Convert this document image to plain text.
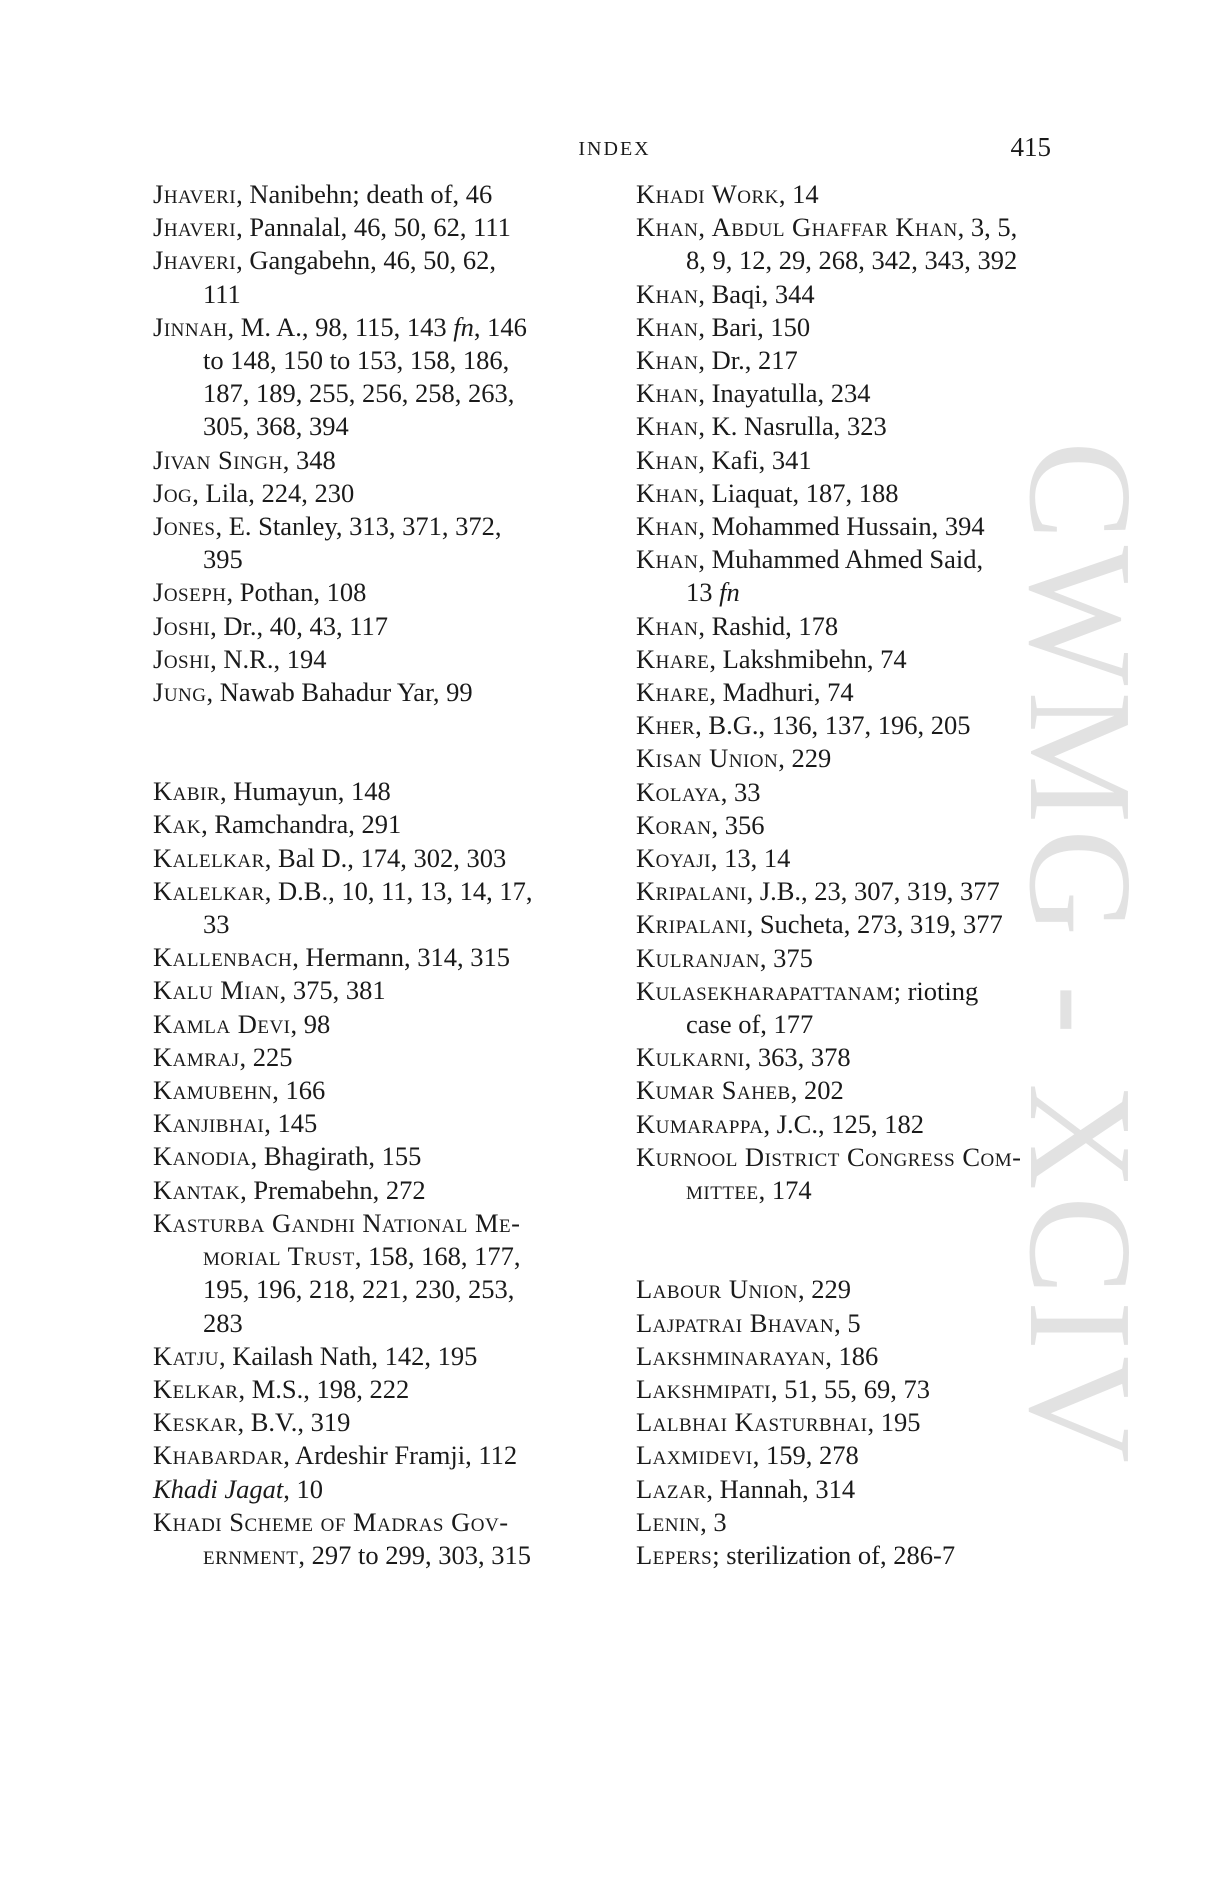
CWMG - XCIV
INDEX	415
Jhaveri, Nanibehn; death of, 46
Jhaveri, Pannalal, 46, 50, 62, 111
Jhaveri, Gangabehn, 46, 50, 62,
111
Jinnah, M. A., 98, 115, 143 fn, 146
to 148, 150 to 153, 158, 186,
187, 189, 255, 256, 258, 263,
305, 368, 394
Jivan Singh, 348
Jog, Lila, 224, 230
Jones, E. Stanley, 313, 371, 372,
395
Joseph, Pothan, 108
Joshi, Dr., 40, 43, 117
Joshi, N.R., 194
Jung, Nawab Bahadur Yar, 99
Kabir, Humayun, 148
Kak, Ramchandra, 291
Kalelkar, Bal D., 174, 302, 303
Kalelkar, D.B., 10, 11, 13, 14, 17,
33
Kallenbach, Hermann, 314, 315
Kalu Mian, 375, 381
Kamla Devi, 98
Kamraj, 225
Kamubehn, 166
Kanjibhai, 145
Kanodia, Bhagirath, 155
Kantak, Premabehn, 272
Kasturba Gandhi National Me-
morial Trust, 158, 168, 177,
195, 196, 218, 221, 230, 253,
283
Katju, Kailash Nath, 142, 195
Kelkar, M.S., 198, 222
Keskar, B.V., 319
Khabardar, Ardeshir Framji, 112
Khadi Jagat, 10
Khadi Scheme of Madras Gov-
ernment, 297 to 299, 303, 315
Khadi Work, 14
Khan, Abdul Ghaffar Khan, 3, 5,
8, 9, 12, 29, 268, 342, 343, 392
Khan, Baqi, 344
Khan, Bari, 150
Khan, Dr., 217
Khan, Inayatulla, 234
Khan, K. Nasrulla, 323
Khan, Kafi, 341
Khan, Liaquat, 187, 188
Khan, Mohammed Hussain, 394
Khan, Muhammed Ahmed Said,
13 fn
Khan, Rashid, 178
Khare, Lakshmibehn, 74
Khare, Madhuri, 74
Kher, B.G., 136, 137, 196, 205
Kisan Union, 229
Kolaya, 33
Koran, 356
Koyaji, 13, 14
Kripalani, J.B., 23, 307, 319, 377
Kripalani, Sucheta, 273, 319, 377
Kulranjan, 375
Kulasekharapattanam; rioting
case of, 177
Kulkarni, 363, 378
Kumar Saheb, 202
Kumarappa, J.C., 125, 182
Kurnool District Congress Com-
mittee, 174
Labour Union, 229
Lajpatrai Bhavan, 5
Lakshminarayan, 186
Lakshmipati, 51, 55, 69, 73
Lalbhai Kasturbhai, 195
Laxmidevi, 159, 278
Lazar, Hannah, 314
Lenin, 3
Lepers; sterilization of, 286-7
